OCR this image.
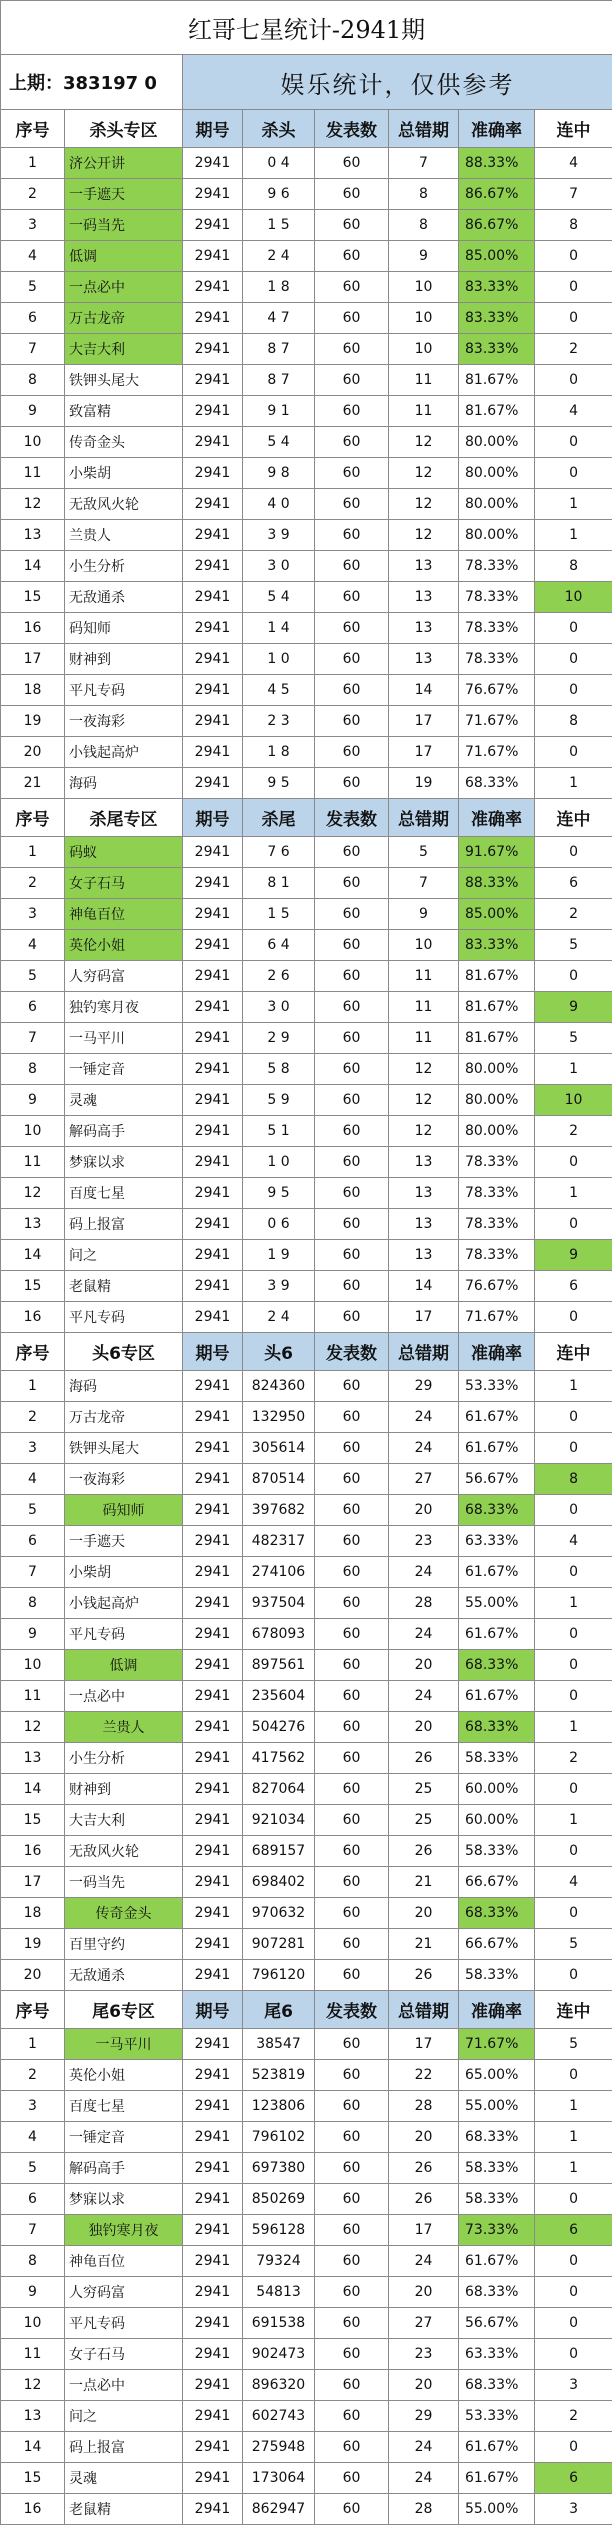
红哥七星统计-2941期							
上期：383197 0		娱乐统计，仅供参考					
序号	杀头专区	期号	杀头	发表数	总错期	准确率	连中
1	济公开讲	2941	0 4	60	7	88.33%	4
2	一手遮天	2941	9 6	60	8	86.67%	7
3	一码当先	2941	1 5	60	8	86.67%	8
4	低调	2941	2 4	60	9	85.00%	0
5	一点必中	2941	1 8	60	10	83.33%	0
6	万古龙帝	2941	4 7	60	10	83.33%	0
7	大吉大利	2941	8 7	60	10	83.33%	2
8	铁钾头尾大	2941	8 7	60	11	81.67%	0
9	致富精	2941	9 1	60	11	81.67%	4
10	传奇金头	2941	5 4	60	12	80.00%	0
11	小柴胡	2941	9 8	60	12	80.00%	0
12	无敌风火轮	2941	4 0	60	12	80.00%	1
13	兰贵人	2941	3 9	60	12	80.00%	1
14	小生分析	2941	3 0	60	13	78.33%	8
15	无敌通杀	2941	5 4	60	13	78.33%	10
16	码知师	2941	1 4	60	13	78.33%	0
17	财神到	2941	1 0	60	13	78.33%	0
18	平凡专码	2941	4 5	60	14	76.67%	0
19	一夜海彩	2941	2 3	60	17	71.67%	8
20	小钱起高炉	2941	1 8	60	17	71.67%	0
21	海码	2941	9 5	60	19	68.33%	1
序号	杀尾专区	期号	杀尾	发表数	总错期	准确率	连中
1	码蚁	2941	7 6	60	5	91.67%	0
2	女子石马	2941	8 1	60	7	88.33%	6
3	神龟百位	2941	1 5	60	9	85.00%	2
4	英伦小姐	2941	6 4	60	10	83.33%	5
5	人穷码富	2941	2 6	60	11	81.67%	0
6	独钓寒月夜	2941	3 0	60	11	81.67%	9
7	一马平川	2941	2 9	60	11	81.67%	5
8	一锤定音	2941	5 8	60	12	80.00%	1
9	灵魂	2941	5 9	60	12	80.00%	10
10	解码高手	2941	5 1	60	12	80.00%	2
11	梦寐以求	2941	1 0	60	13	78.33%	0
12	百度七星	2941	9 5	60	13	78.33%	1
13	码上报富	2941	0 6	60	13	78.33%	0
14	问之	2941	1 9	60	13	78.33%	9
15	老鼠精	2941	3 9	60	14	76.67%	6
16	平凡专码	2941	2 4	60	17	71.67%	0
序号	头6专区	期号	头6	发表数	总错期	准确率	连中
1	海码	2941	824360	60	29	53.33%	1
2	万古龙帝	2941	132950	60	24	61.67%	0
3	铁钾头尾大	2941	305614	60	24	61.67%	0
4	一夜海彩	2941	870514	60	27	56.67%	8
5	码知师	2941	397682	60	20	68.33%	0
6	一手遮天	2941	482317	60	23	63.33%	4
7	小柴胡	2941	274106	60	24	61.67%	0
8	小钱起高炉	2941	937504	60	28	55.00%	1
9	平凡专码	2941	678093	60	24	61.67%	0
10	低调	2941	897561	60	20	68.33%	0
11	一点必中	2941	235604	60	24	61.67%	0
12	兰贵人	2941	504276	60	20	68.33%	1
13	小生分析	2941	417562	60	26	58.33%	2
14	财神到	2941	827064	60	25	60.00%	0
15	大吉大利	2941	921034	60	25	60.00%	1
16	无敌风火轮	2941	689157	60	26	58.33%	0
17	一码当先	2941	698402	60	21	66.67%	4
18	传奇金头	2941	970632	60	20	68.33%	0
19	百里守约	2941	907281	60	21	66.67%	5
20	无敌通杀	2941	796120	60	26	58.33%	0
序号	尾6专区	期号	尾6	发表数	总错期	准确率	连中
1	一马平川	2941	38547	60	17	71.67%	5
2	英伦小姐	2941	523819	60	22	65.00%	0
3	百度七星	2941	123806	60	28	55.00%	1
4	一锤定音	2941	796102	60	20	68.33%	1
5	解码高手	2941	697380	60	26	58.33%	1
6	梦寐以求	2941	850269	60	26	58.33%	0
7	独钓寒月夜	2941	596128	60	17	73.33%	6
8	神龟百位	2941	79324	60	24	61.67%	0
9	人穷码富	2941	54813	60	20	68.33%	0
10	平凡专码	2941	691538	60	27	56.67%	0
11	女子石马	2941	902473	60	23	63.33%	0
12	一点必中	2941	896320	60	20	68.33%	3
13	问之	2941	602743	60	29	53.33%	2
14	码上报富	2941	275948	60	24	61.67%	0
15	灵魂	2941	173064	60	24	61.67%	6
16	老鼠精	2941	862947	60	28	55.00%	3
